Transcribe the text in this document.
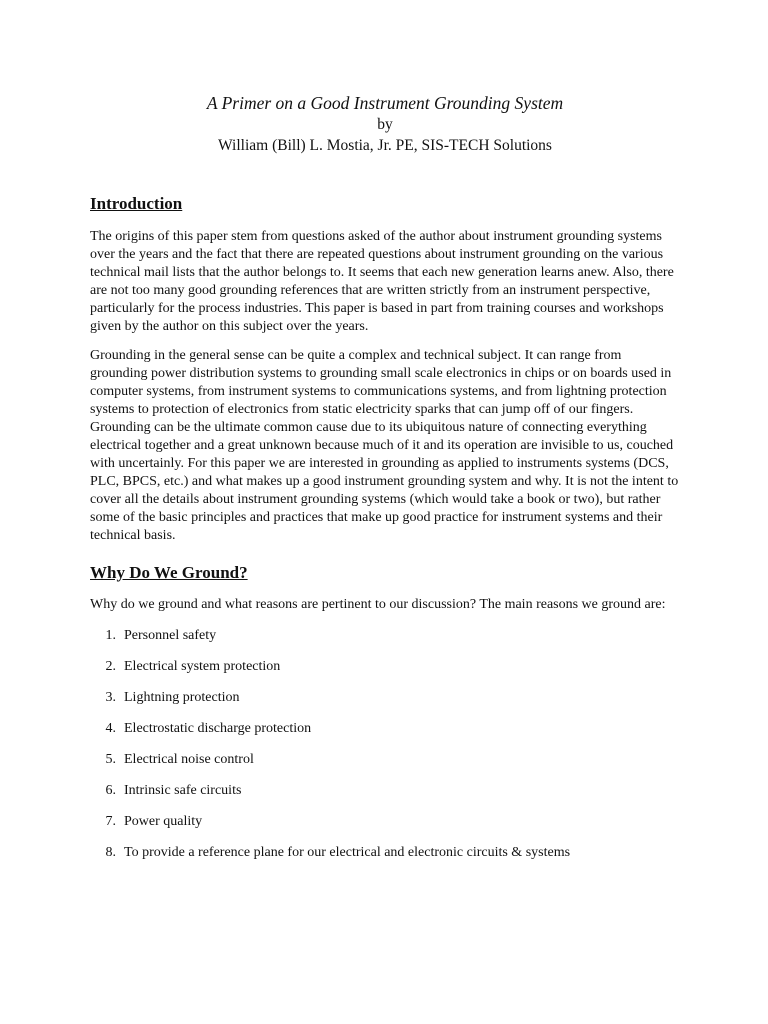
A Primer on a Good Instrument Grounding System
by
William (Bill) L. Mostia, Jr. PE, SIS-TECH Solutions
Introduction

The origins of this paper stem from questions asked of the author about instrument grounding systems over the years and the fact that there are repeated questions about instrument grounding on the various technical mail lists that the author belongs to. It seems that each new generation learns anew. Also, there are not too many good grounding references that are written strictly from an instrument perspective, particularly for the process industries. This paper is based in part from training courses and workshops given by the author on this subject over the years.

Grounding in the general sense can be quite a complex and technical subject. It can range from grounding power distribution systems to grounding small scale electronics in chips or on boards used in computer systems, from instrument systems to communications systems, and from lightning protection systems to protection of electronics from static electricity sparks that can jump off of our fingers. Grounding can be the ultimate common cause due to its ubiquitous nature of connecting everything electrical together and a great unknown because much of it and its operation are invisible to us, couched with uncertainly. For this paper we are interested in grounding as applied to instruments systems (DCS, PLC, BPCS, etc.) and what makes up a good instrument grounding system and why. It is not the intent to cover all the details about instrument grounding systems (which would take a book or two), but rather some of the basic principles and practices that make up good practice for instrument systems and their technical basis.

Why Do We Ground?

Why do we ground and what reasons are pertinent to our discussion? The main reasons we ground are:

1. Personnel safety
2. Electrical system protection
3. Lightning protection
4. Electrostatic discharge protection
5. Electrical noise control
6. Intrinsic safe circuits
7. Power quality
8. To provide a reference plane for our electrical and electronic circuits & systems
